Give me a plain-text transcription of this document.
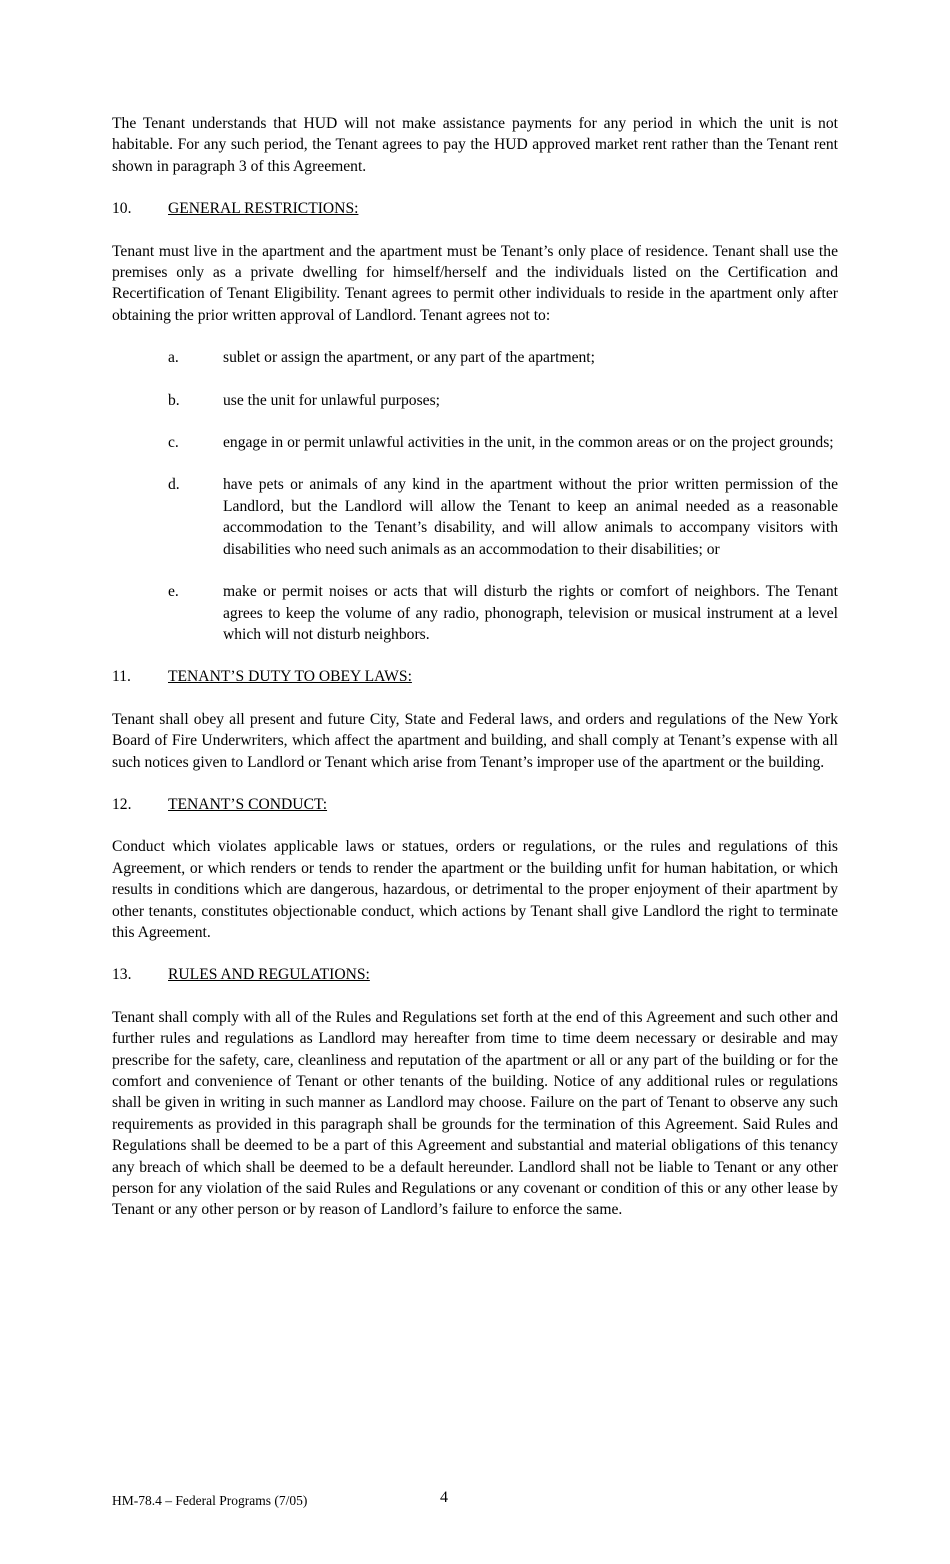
The Tenant understands that HUD will not make assistance payments for any period in which the unit is not habitable. For any such period, the Tenant agrees to pay the HUD approved market rent rather than the Tenant rent shown in paragraph 3 of this Agreement.

10.	GENERAL RESTRICTIONS:

Tenant must live in the apartment and the apartment must be Tenant’s only place of residence. Tenant shall use the premises only as a private dwelling for himself/herself and the individuals listed on the Certification and Recertification of Tenant Eligibility. Tenant agrees to permit other individuals to reside in the apartment only after obtaining the prior written approval of Landlord. Tenant agrees not to:

a.	sublet or assign the apartment, or any part of the apartment;
b.	use the unit for unlawful purposes;
c.	engage in or permit unlawful activities in the unit, in the common areas or on the project grounds;
d.	have pets or animals of any kind in the apartment without the prior written permission of the Landlord, but the Landlord will allow the Tenant to keep an animal needed as a reasonable accommodation to the Tenant’s disability, and will allow animals to accompany visitors with disabilities who need such animals as an accommodation to their disabilities; or
e.	make or permit noises or acts that will disturb the rights or comfort of neighbors. The Tenant agrees to keep the volume of any radio, phonograph, television or musical instrument at a level which will not disturb neighbors.
11.	TENANT’S DUTY TO OBEY LAWS:

Tenant shall obey all present and future City, State and Federal laws, and orders and regulations of the New York Board of Fire Underwriters, which affect the apartment and building, and shall comply at Tenant’s expense with all such notices given to Landlord or Tenant which arise from Tenant’s improper use of the apartment or the building.

12.	TENANT’S CONDUCT:

Conduct which violates applicable laws or statues, orders or regulations, or the rules and regulations of this Agreement, or which renders or tends to render the apartment or the building unfit for human habitation, or which results in conditions which are dangerous, hazardous, or detrimental to the proper enjoyment of their apartment by other tenants, constitutes objectionable conduct, which actions by Tenant shall give Landlord the right to terminate this Agreement.

13.	RULES AND REGULATIONS:

Tenant shall comply with all of the Rules and Regulations set forth at the end of this Agreement and such other and further rules and regulations as Landlord may hereafter from time to time deem necessary or desirable and may prescribe for the safety, care, cleanliness and reputation of the apartment or all or any part of the building or for the comfort and convenience of Tenant or other tenants of the building. Notice of any additional rules or regulations shall be given in writing in such manner as Landlord may choose. Failure on the part of Tenant to observe any such requirements as provided in this paragraph shall be grounds for the termination of this Agreement. Said Rules and Regulations shall be deemed to be a part of this Agreement and substantial and material obligations of this tenancy any breach of which shall be deemed to be a default hereunder. Landlord shall not be liable to Tenant or any other person for any violation of the said Rules and Regulations or any covenant or condition of this or any other lease by Tenant or any other person or by reason of Landlord’s failure to enforce the same.

HM-78.4 – Federal Programs (7/05)	4
